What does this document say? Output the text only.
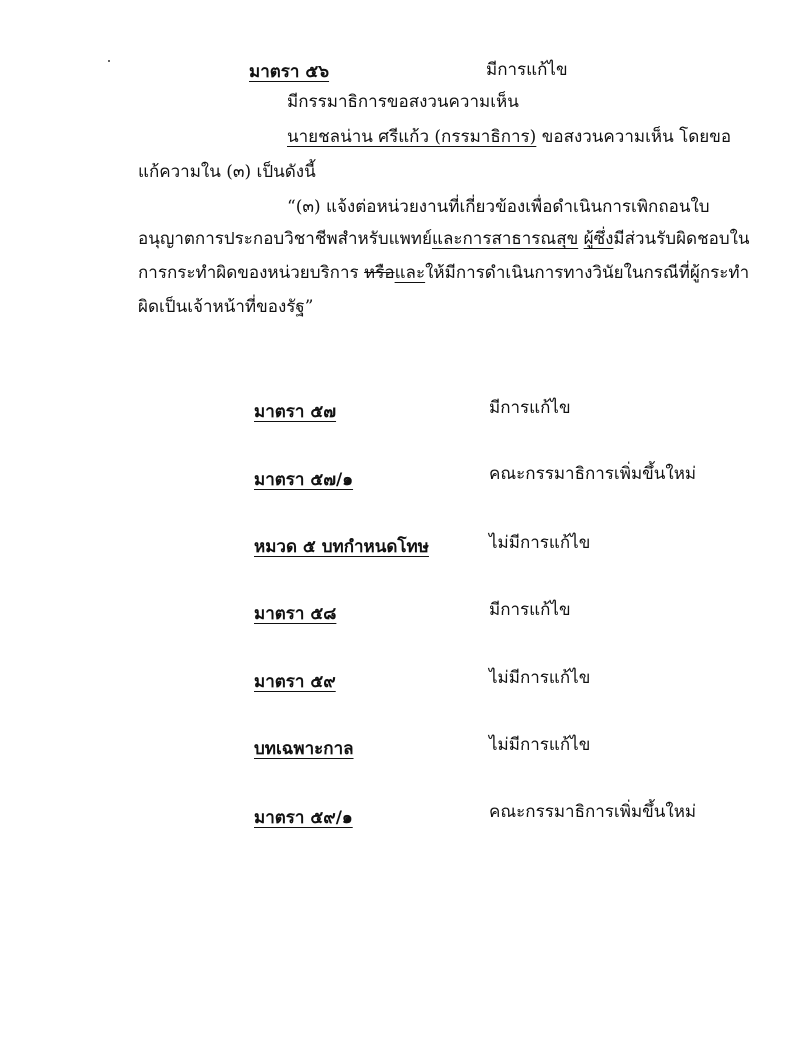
มาตรา ๕๖	มีการแก้ไข
มีกรรมาธิการขอสงวนความเห็น
นายชลน่าน ศรีแก้ว (กรรมาธิการ) ขอสงวนความเห็น โดยขอ
แก้ความใน (๓) เป็นดังนี้
“(๓) แจ้งต่อหน่วยงานที่เกี่ยวข้องเพื่อดำเนินการเพิกถอนใบ
อนุญาตการประกอบวิชาชีพสำหรับแพทย์และการสาธารณสุข ผู้ซึ่งมีส่วนรับผิดชอบใน
การกระทำผิดของหน่วยบริการ หรือและให้มีการดำเนินการทางวินัยในกรณีที่ผู้กระทำ
ผิดเป็นเจ้าหน้าที่ของรัฐ”
มาตรา ๕๗	มีการแก้ไข
มาตรา ๕๗/๑	คณะกรรมาธิการเพิ่มขึ้นใหม่
หมวด ๕ บทกำหนดโทษ	ไม่มีการแก้ไข
มาตรา ๕๘	มีการแก้ไข
มาตรา ๕๙	ไม่มีการแก้ไข
บทเฉพาะกาล	ไม่มีการแก้ไข
มาตรา ๕๙/๑	คณะกรรมาธิการเพิ่มขึ้นใหม่
